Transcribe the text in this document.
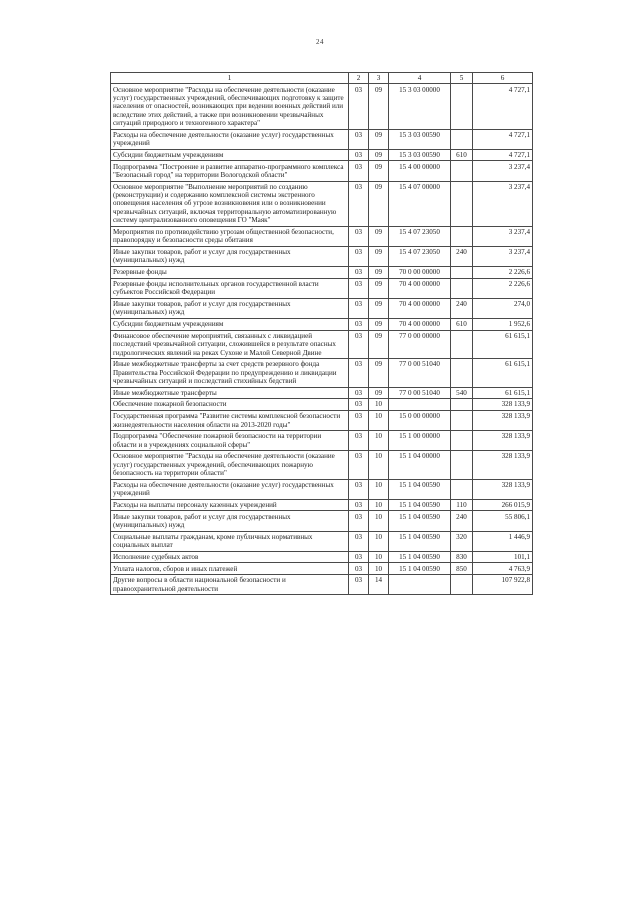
24
1	2	3	4	5	6
Основное мероприятие "Расходы на обеспечение деятельности (оказание услуг) государственных учреждений, обеспечивающих подготовку к защите населения от опасностей, возникающих при ведении военных действий или вследствие этих действий, а также при возникновении чрезвычайных ситуаций природного и техногенного характера"	03	09	15 3 03 00000		4 727,1
Расходы на обеспечение деятельности (оказание услуг) государственных учреждений	03	09	15 3 03 00590		4 727,1
Субсидии бюджетным учреждениям	03	09	15 3 03 00590	610	4 727,1
Подпрограмма "Построение и развитие аппаратно-программного комплекса "Безопасный город" на территории Вологодской области"	03	09	15 4 00 00000		3 237,4
Основное мероприятие "Выполнение мероприятий по созданию (реконструкции) и содержанию комплексной системы экстренного оповещения населения об угрозе возникновения или о возникновении чрезвычайных ситуаций, включая территориальную автоматизированную систему централизованного оповещения ГО "Маяк"	03	09	15 4 07 00000		3 237,4
Мероприятия по противодействию угрозам общественной безопасности, правопорядку и безопасности среды обитания	03	09	15 4 07 23050		3 237,4
Иные закупки товаров, работ и услуг для государственных (муниципальных) нужд	03	09	15 4 07 23050	240	3 237,4
Резервные фонды	03	09	70 0 00 00000		2 226,6
Резервные фонды исполнительных органов государственной власти субъектов Российской Федерации	03	09	70 4 00 00000		2 226,6
Иные закупки товаров, работ и услуг для государственных (муниципальных) нужд	03	09	70 4 00 00000	240	274,0
Субсидии бюджетным учреждениям	03	09	70 4 00 00000	610	1 952,6
Финансовое обеспечение мероприятий, связанных с ликвидацией последствий чрезвычайной ситуации, сложившейся в результате опасных гидрологических явлений на реках Сухоне и Малой Северной Двине	03	09	77 0 00 00000		61 615,1
Иные межбюджетные трансферты за счет средств резервного фонда Правительства Российской Федерации по предупреждению и ликвидации чрезвычайных ситуаций и последствий стихийных бедствий	03	09	77 0 00 51040		61 615,1
Иные межбюджетные трансферты	03	09	77 0 00 51040	540	61 615,1
Обеспечение пожарной безопасности	03	10			328 133,9
Государственная программа "Развитие системы комплексной безопасности жизнедеятельности населения области на 2013-2020 годы"	03	10	15 0 00 00000		328 133,9
Подпрограмма "Обеспечение пожарной безопасности на территории области и в учреждениях социальной сферы"	03	10	15 1 00 00000		328 133,9
Основное мероприятие "Расходы на обеспечение деятельности (оказание услуг) государственных учреждений, обеспечивающих пожарную безопасность на территории области"	03	10	15 1 04 00000		328 133,9
Расходы на обеспечение деятельности (оказание услуг) государственных учреждений	03	10	15 1 04 00590		328 133,9
Расходы на выплаты персоналу казенных учреждений	03	10	15 1 04 00590	110	266 015,9
Иные закупки товаров, работ и услуг для государственных (муниципальных) нужд	03	10	15 1 04 00590	240	55 806,1
Социальные выплаты гражданам, кроме публичных нормативных социальных выплат	03	10	15 1 04 00590	320	1 446,9
Исполнение судебных актов	03	10	15 1 04 00590	830	101,1
Уплата налогов, сборов и иных платежей	03	10	15 1 04 00590	850	4 763,9
Другие вопросы в области национальной безопасности и правоохранительной деятельности	03	14			107 922,8
